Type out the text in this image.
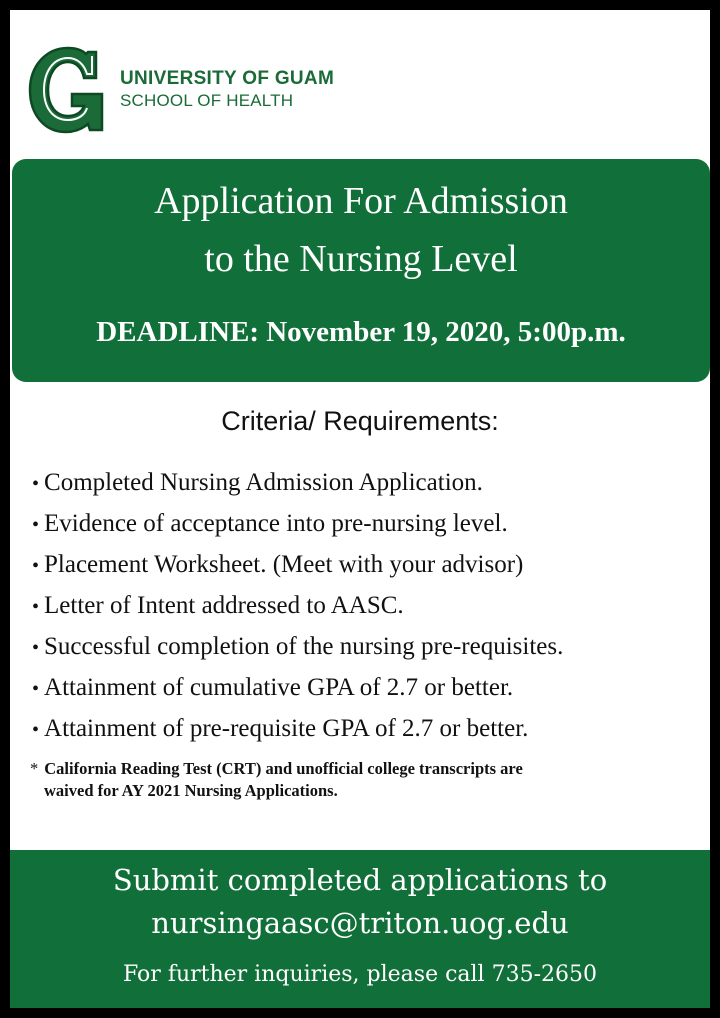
UNIVERSITY OF GUAM
SCHOOL OF HEALTH
Application For Admission
to the Nursing Level
DEADLINE: November 19, 2020, 5:00p.m.
Criteria/ Requirements:
• Completed Nursing Admission Application.
• Evidence of acceptance into pre-nursing level.
• Placement Worksheet. (Meet with your advisor)
• Letter of Intent addressed to AASC.
• Successful completion of the nursing pre-requisites.
• Attainment of cumulative GPA of 2.7 or better.
• Attainment of pre-requisite GPA of 2.7 or better.
* California Reading Test (CRT) and unofficial college transcripts are
waived for AY 2021 Nursing Applications.
Submit completed applications to
nursingaasc@triton.uog.edu
For further inquiries, please call 735-2650
